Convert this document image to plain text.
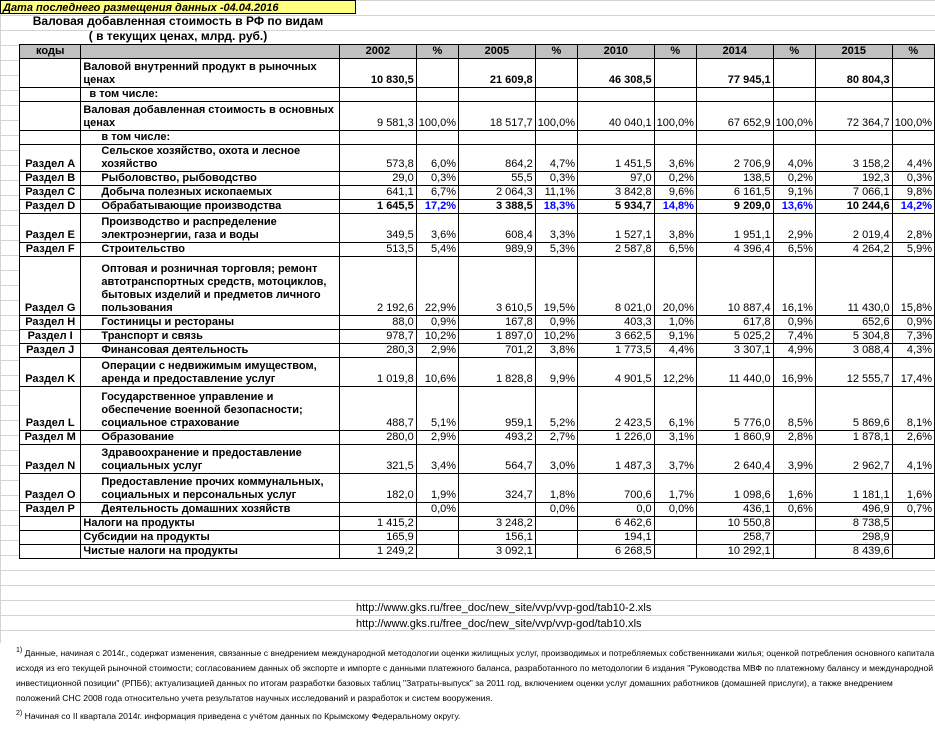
Дата последнего размещения данных -04.04.2016
Валовая добавленная стоимость в РФ по видам
( в текущих ценах, млрд. руб.)
коды		2002	%	2005	%	2010	%	2014	%	2015	%
	Валовой внутренний продукт в рыночных ценах	10 830,5		21 609,8		46 308,5		77 945,1		80 804,3	
	в том числе:										
	Валовая добавленная стоимость в основных ценах	9 581,3	100,0%	18 517,7	100,0%	40 040,1	100,0%	67 652,9	100,0%	72 364,7	100,0%
	в том числе:										
Раздел A	Сельское хозяйство, охота и лесное хозяйство	573,8	6,0%	864,2	4,7%	1 451,5	3,6%	2 706,9	4,0%	3 158,2	4,4%
Раздел B	Рыболовство, рыбоводство	29,0	0,3%	55,5	0,3%	97,0	0,2%	138,5	0,2%	192,3	0,3%
Раздел C	Добыча полезных ископаемых	641,1	6,7%	2 064,3	11,1%	3 842,8	9,6%	6 161,5	9,1%	7 066,1	9,8%
Раздел D	Обрабатывающие производства	1 645,5	17,2%	3 388,5	18,3%	5 934,7	14,8%	9 209,0	13,6%	10 244,6	14,2%
Раздел E	Производство и распределение электроэнергии, газа и воды	349,5	3,6%	608,4	3,3%	1 527,1	3,8%	1 951,1	2,9%	2 019,4	2,8%
Раздел F	Строительство	513,5	5,4%	989,9	5,3%	2 587,8	6,5%	4 396,4	6,5%	4 264,2	5,9%
Раздел G	Оптовая и розничная торговля; ремонт автотранспортных средств, мотоциклов, бытовых изделий и предметов личного пользования	2 192,6	22,9%	3 610,5	19,5%	8 021,0	20,0%	10 887,4	16,1%	11 430,0	15,8%
Раздел H	Гостиницы и рестораны	88,0	0,9%	167,8	0,9%	403,3	1,0%	617,8	0,9%	652,6	0,9%
Раздел I	Транспорт и связь	978,7	10,2%	1 897,0	10,2%	3 662,5	9,1%	5 025,2	7,4%	5 304,8	7,3%
Раздел J	Финансовая деятельность	280,3	2,9%	701,2	3,8%	1 773,5	4,4%	3 307,1	4,9%	3 088,4	4,3%
Раздел K	Операции с недвижимым имуществом, аренда и предоставление услуг	1 019,8	10,6%	1 828,8	9,9%	4 901,5	12,2%	11 440,0	16,9%	12 555,7	17,4%
Раздел L	Государственное управление и обеспечение военной безопасности; социальное страхование	488,7	5,1%	959,1	5,2%	2 423,5	6,1%	5 776,0	8,5%	5 869,6	8,1%
Раздел M	Образование	280,0	2,9%	493,2	2,7%	1 226,0	3,1%	1 860,9	2,8%	1 878,1	2,6%
Раздел N	Здравоохранение и предоставление социальных услуг	321,5	3,4%	564,7	3,0%	1 487,3	3,7%	2 640,4	3,9%	2 962,7	4,1%
Раздел O	Предоставление прочих коммунальных, социальных и персональных услуг	182,0	1,9%	324,7	1,8%	700,6	1,7%	1 098,6	1,6%	1 181,1	1,6%
Раздел P	Деятельность домашних хозяйств		0,0%		0,0%	0,0	0,0%	436,1	0,6%	496,9	0,7%
	Налоги на продукты	1 415,2		3 248,2		6 462,6		10 550,8		8 738,5	
	Субсидии на продукты	165,9		156,1		194,1		258,7		298,9	
	Чистые налоги на продукты	1 249,2		3 092,1		6 268,5		10 292,1		8 439,6	
http://www.gks.ru/free_doc/new_site/vvp/vvp-god/tab10-2.xls
http://www.gks.ru/free_doc/new_site/vvp/vvp-god/tab10.xls
$^{1)}$ Данные, начиная с 2014г., содержат изменения, связанные с внедрением международной методологии оценки жилищных услуг, производимых и потребляемых собственниками жилья; оценкой потребления основного капитала
исходя из его текущей рыночной стоимости; согласованием данных об экспорте и импорте с данными платежного баланса, разработанного по методологии 6 издания "Руководства МВФ по платежному балансу и международной
инвестиционной позиции" (РПБ6); актуализацией данных по итогам разработки базовых таблиц "Затраты-выпуск" за 2011 год, включением оценки услуг домашних работников (домашней прислуги), а также внедрением
положений СНС 2008 года относительно учета результатов научных исследований и разработок и систем вооружения.
$^{2)}$ Начиная со II квартала 2014г. информация приведена с учётом данных по Крымскому Федеральному округу.
